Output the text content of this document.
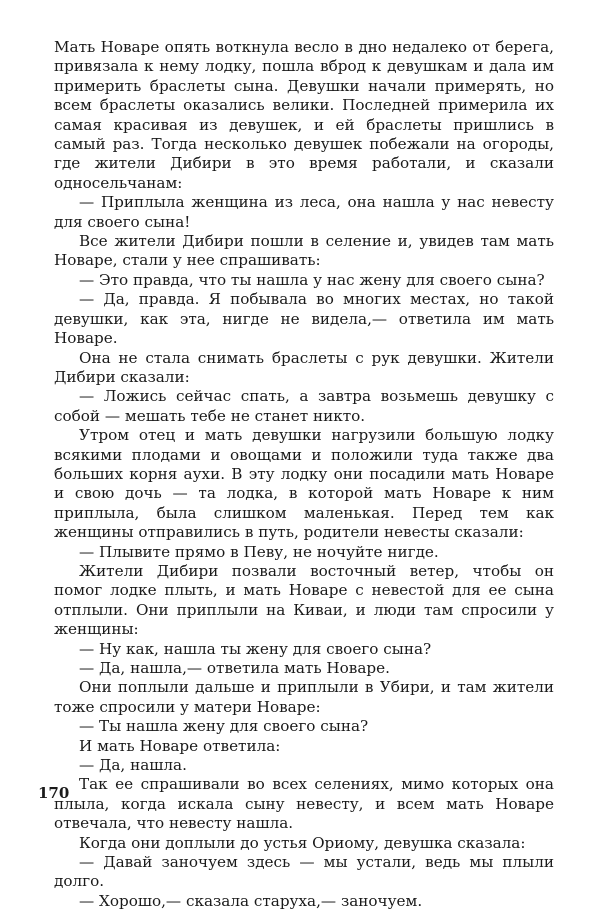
Мать Новаре опять воткнула весло в дно недалеко от берега, привязала к нему лодку, пошла вброд к девушкам и дала им примерить браслеты сына. Девушки начали примерять, но всем браслеты оказались велики. Последней примерила их самая красивая из девушек, и ей браслеты пришлись в самый раз. Тогда несколько девушек побежали на огороды, где жители Дибири в это время работали, и сказали односельчанам:

— Приплыла женщина из леса, она нашла у нас невесту для своего сына!

Все жители Дибири пошли в селение и, увидев там мать Новаре, стали у нее спрашивать:

— Это правда, что ты нашла у нас жену для своего сына?

— Да, правда. Я побывала во многих местах, но такой девушки, как эта, нигде не видела,— ответила им мать Новаре.

Она не стала снимать браслеты с рук девушки. Жители Дибири сказали:

— Ложись сейчас спать, а завтра возьмешь девушку с собой — мешать тебе не станет никто.

Утром отец и мать девушки нагрузили большую лодку всякими плодами и овощами и положили туда также два больших корня аухи. В эту лодку они посадили мать Новаре и свою дочь — та лодка, в которой мать Новаре к ним приплыла, была слишком маленькая. Перед тем как женщины отправились в путь, родители невесты сказали:

— Плывите прямо в Певу, не ночуйте нигде.

Жители Дибири позвали восточный ветер, чтобы он помог лодке плыть, и мать Новаре с невестой для ее сына отплыли. Они приплыли на Киваи, и люди там спросили у женщины:

— Ну как, нашла ты жену для своего сына?

— Да, нашла,— ответила мать Новаре.

Они поплыли дальше и приплыли в Убири, и там жители тоже спросили у матери Новаре:

— Ты нашла жену для своего сына?

И мать Новаре ответила:

— Да, нашла.

Так ее спрашивали во всех селениях, мимо которых она плыла, когда искала сыну невесту, и всем мать Новаре отвечала, что невесту нашла.

Когда они доплыли до устья Ориому, девушка сказала:

— Давай заночуем здесь — мы устали, ведь мы плыли долго.

— Хорошо,— сказала старуха,— заночуем.

170
